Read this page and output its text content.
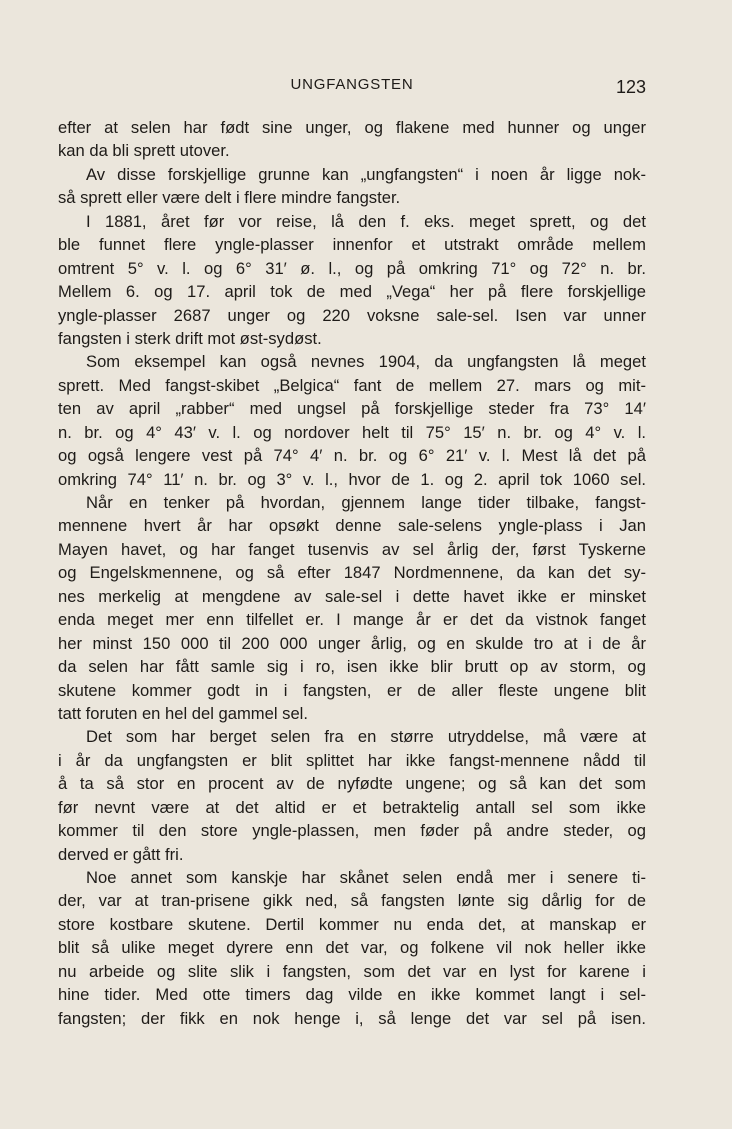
UNGFANGSTEN	123
efter at selen har født sine unger, og flakene med hunner og unger
kan da bli sprett utover.
Av disse forskjellige grunne kan „ungfangsten“ i noen år ligge nok-
så sprett eller være delt i flere mindre fangster.
I 1881, året før vor reise, lå den f. eks. meget sprett, og det
ble funnet flere yngle-plasser innenfor et utstrakt område mellem
omtrent 5° v. l. og 6° 31′ ø. l., og på omkring 71° og 72° n. br.
Mellem 6. og 17. april tok de med „Vega“ her på flere forskjellige
yngle-plasser 2687 unger og 220 voksne sale-sel. Isen var unner
fangsten i sterk drift mot øst-sydøst.
Som eksempel kan også nevnes 1904, da ungfangsten lå meget
sprett. Med fangst-skibet „Belgica“ fant de mellem 27. mars og mit-
ten av april „rabber“ med ungsel på forskjellige steder fra 73° 14′
n. br. og 4° 43′ v. l. og nordover helt til 75° 15′ n. br. og 4° v. l.
og også lengere vest på 74° 4′ n. br. og 6° 21′ v. l. Mest lå det på
omkring 74° 11′ n. br. og 3° v. l., hvor de 1. og 2. april tok 1060 sel.
Når en tenker på hvordan, gjennem lange tider tilbake, fangst-
mennene hvert år har opsøkt denne sale-selens yngle-plass i Jan
Mayen havet, og har fanget tusenvis av sel årlig der, først Tyskerne
og Engelskmennene, og så efter 1847 Nordmennene, da kan det sy-
nes merkelig at mengdene av sale-sel i dette havet ikke er minsket
enda meget mer enn tilfellet er. I mange år er det da vistnok fanget
her minst 150 000 til 200 000 unger årlig, og en skulde tro at i de år
da selen har fått samle sig i ro, isen ikke blir brutt op av storm, og
skutene kommer godt in i fangsten, er de aller fleste ungene blit
tatt foruten en hel del gammel sel.
Det som har berget selen fra en større utryddelse, må være at
i år da ungfangsten er blit splittet har ikke fangst-mennene nådd til
å ta så stor en procent av de nyfødte ungene; og så kan det som
før nevnt være at det altid er et betraktelig antall sel som ikke
kommer til den store yngle-plassen, men føder på andre steder, og
derved er gått fri.
Noe annet som kanskje har skånet selen endå mer i senere ti-
der, var at tran-prisene gikk ned, så fangsten lønte sig dårlig for de
store kostbare skutene. Dertil kommer nu enda det, at manskap er
blit så ulike meget dyrere enn det var, og folkene vil nok heller ikke
nu arbeide og slite slik i fangsten, som det var en lyst for karene i
hine tider. Med otte timers dag vilde en ikke kommet langt i sel-
fangsten; der fikk en nok henge i, så lenge det var sel på isen.
